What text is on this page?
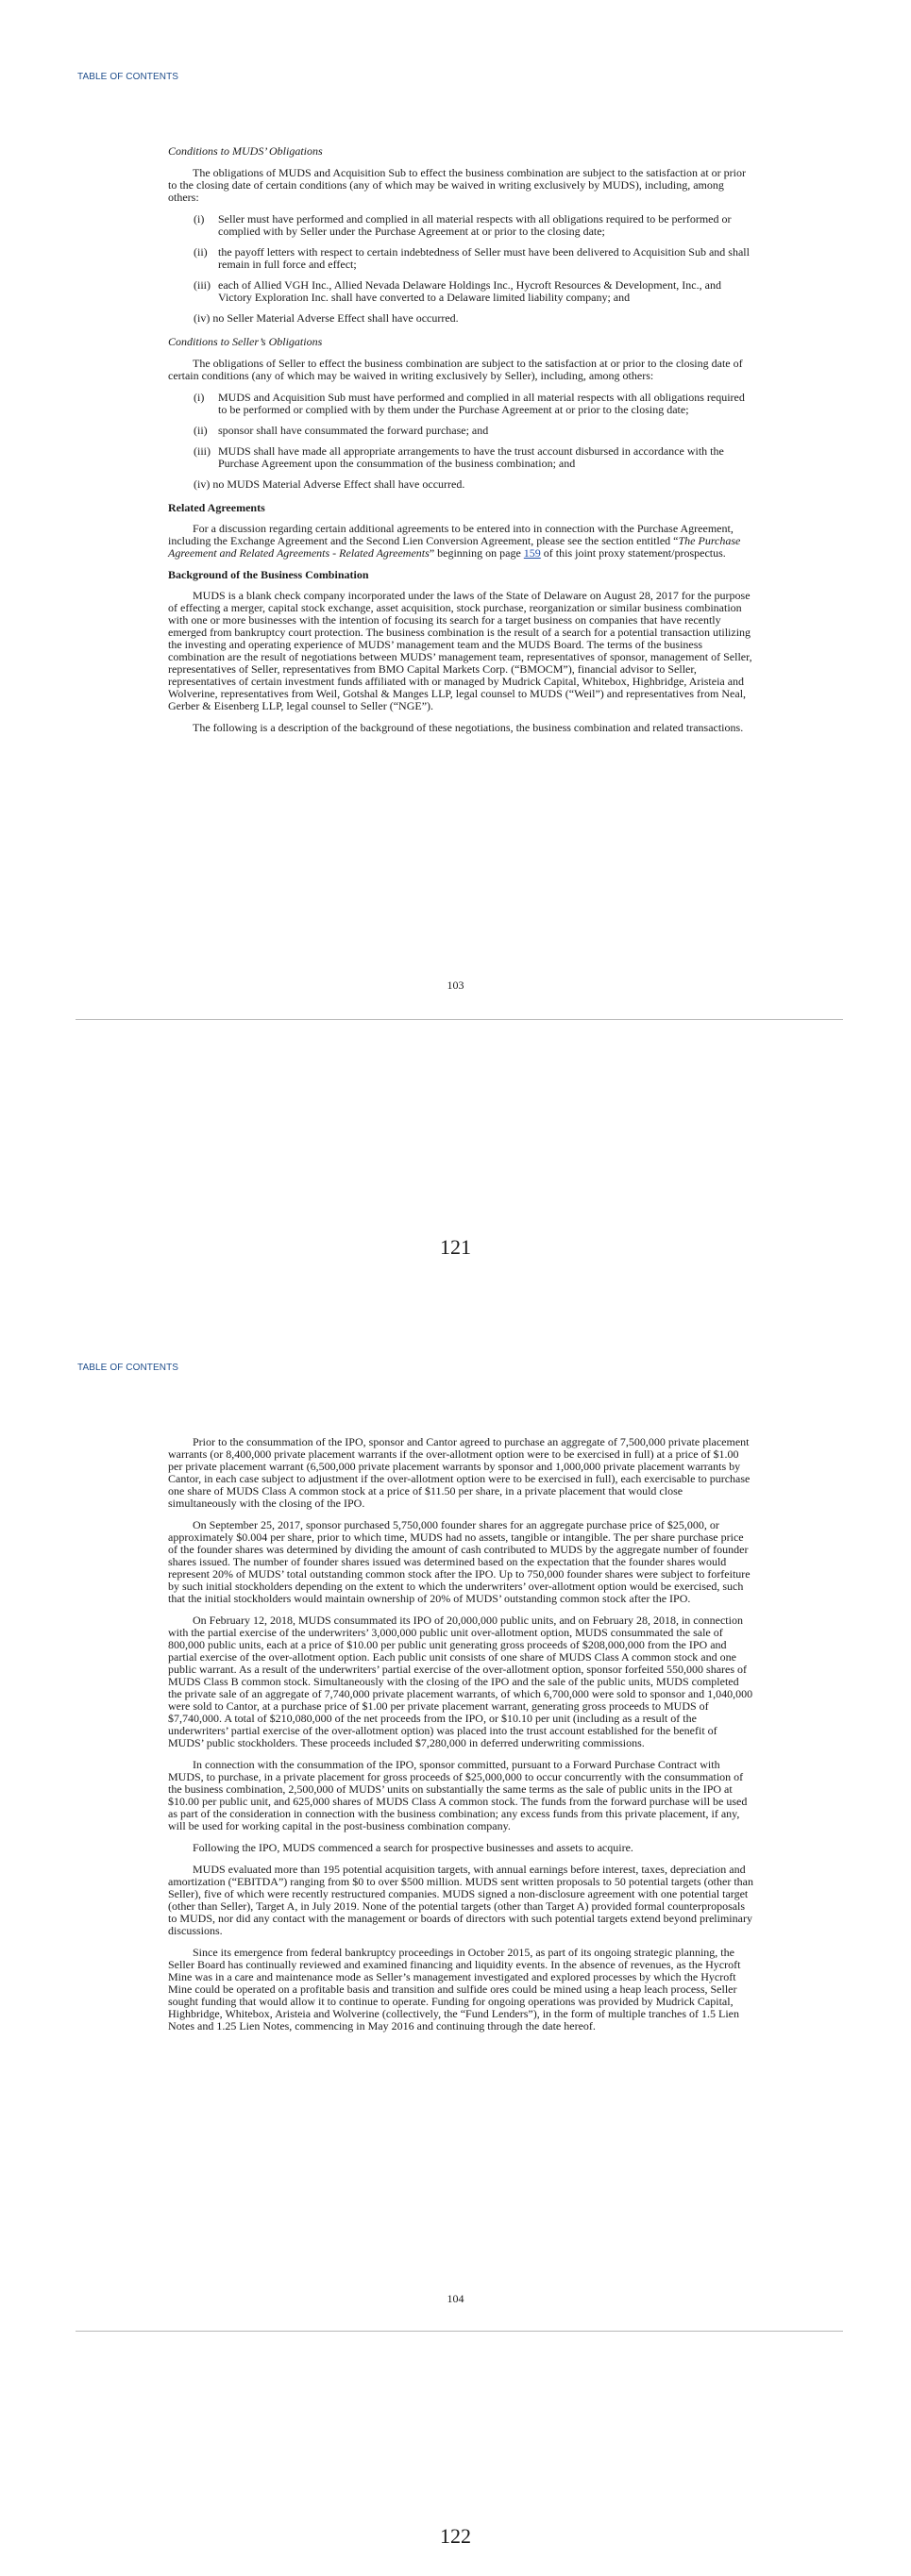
TABLE OF CONTENTS
Conditions to MUDS’ Obligations

The obligations of MUDS and Acquisition Sub to effect the business combination are subject to the satisfaction at or prior to the closing date of certain conditions (any of which may be waived in writing exclusively by MUDS), including, among others:

(i) Seller must have performed and complied in all material respects with all obligations required to be performed or complied with by Seller under the Purchase Agreement at or prior to the closing date;
(ii) the payoff letters with respect to certain indebtedness of Seller must have been delivered to Acquisition Sub and shall remain in full force and effect;
(iii) each of Allied VGH Inc., Allied Nevada Delaware Holdings Inc., Hycroft Resources & Development, Inc., and Victory Exploration Inc. shall have converted to a Delaware limited liability company; and
(iv) no Seller Material Adverse Effect shall have occurred.
Conditions to Seller’s Obligations

The obligations of Seller to effect the business combination are subject to the satisfaction at or prior to the closing date of certain conditions (any of which may be waived in writing exclusively by Seller), including, among others:

(i) MUDS and Acquisition Sub must have performed and complied in all material respects with all obligations required to be performed or complied with by them under the Purchase Agreement at or prior to the closing date;
(ii) sponsor shall have consummated the forward purchase; and
(iii) MUDS shall have made all appropriate arrangements to have the trust account disbursed in accordance with the Purchase Agreement upon the consummation of the business combination; and
(iv) no MUDS Material Adverse Effect shall have occurred.
Related Agreements

For a discussion regarding certain additional agreements to be entered into in connection with the Purchase Agreement, including the Exchange Agreement and the Second Lien Conversion Agreement, please see the section entitled “The Purchase Agreement and Related Agreements - Related Agreements” beginning on page 159 of this joint proxy statement/prospectus.

Background of the Business Combination

MUDS is a blank check company incorporated under the laws of the State of Delaware on August 28, 2017 for the purpose of effecting a merger, capital stock exchange, asset acquisition, stock purchase, reorganization or similar business combination with one or more businesses with the intention of focusing its search for a target business on companies that have recently emerged from bankruptcy court protection. The business combination is the result of a search for a potential transaction utilizing the investing and operating experience of MUDS’ management team and the MUDS Board. The terms of the business combination are the result of negotiations between MUDS’ management team, representatives of sponsor, management of Seller, representatives of Seller, representatives from BMO Capital Markets Corp. (“BMOCM”), financial advisor to Seller, representatives of certain investment funds affiliated with or managed by Mudrick Capital, Whitebox, Highbridge, Aristeia and Wolverine, representatives from Weil, Gotshal & Manges LLP, legal counsel to MUDS (“Weil”) and representatives from Neal, Gerber & Eisenberg LLP, legal counsel to Seller (“NGE”).

The following is a description of the background of these negotiations, the business combination and related transactions.

103
121
TABLE OF CONTENTS

Prior to the consummation of the IPO, sponsor and Cantor agreed to purchase an aggregate of 7,500,000 private placement warrants (or 8,400,000 private placement warrants if the over-allotment option were to be exercised in full) at a price of $1.00 per private placement warrant (6,500,000 private placement warrants by sponsor and 1,000,000 private placement warrants by Cantor, in each case subject to adjustment if the over-allotment option were to be exercised in full), each exercisable to purchase one share of MUDS Class A common stock at a price of $11.50 per share, in a private placement that would close simultaneously with the closing of the IPO.

On September 25, 2017, sponsor purchased 5,750,000 founder shares for an aggregate purchase price of $25,000, or approximately $0.004 per share, prior to which time, MUDS had no assets, tangible or intangible. The per share purchase price of the founder shares was determined by dividing the amount of cash contributed to MUDS by the aggregate number of founder shares issued. The number of founder shares issued was determined based on the expectation that the founder shares would represent 20% of MUDS’ total outstanding common stock after the IPO. Up to 750,000 founder shares were subject to forfeiture by such initial stockholders depending on the extent to which the underwriters’ over-allotment option would be exercised, such that the initial stockholders would maintain ownership of 20% of MUDS’ outstanding common stock after the IPO.

On February 12, 2018, MUDS consummated its IPO of 20,000,000 public units, and on February 28, 2018, in connection with the partial exercise of the underwriters’ 3,000,000 public unit over-allotment option, MUDS consummated the sale of 800,000 public units, each at a price of $10.00 per public unit generating gross proceeds of $208,000,000 from the IPO and partial exercise of the over-allotment option. Each public unit consists of one share of MUDS Class A common stock and one public warrant. As a result of the underwriters’ partial exercise of the over-allotment option, sponsor forfeited 550,000 shares of MUDS Class B common stock. Simultaneously with the closing of the IPO and the sale of the public units, MUDS completed the private sale of an aggregate of 7,740,000 private placement warrants, of which 6,700,000 were sold to sponsor and 1,040,000 were sold to Cantor, at a purchase price of $1.00 per private placement warrant, generating gross proceeds to MUDS of $7,740,000. A total of $210,080,000 of the net proceeds from the IPO, or $10.10 per unit (including as a result of the underwriters’ partial exercise of the over-allotment option) was placed into the trust account established for the benefit of MUDS’ public stockholders. These proceeds included $7,280,000 in deferred underwriting commissions.

In connection with the consummation of the IPO, sponsor committed, pursuant to a Forward Purchase Contract with MUDS, to purchase, in a private placement for gross proceeds of $25,000,000 to occur concurrently with the consummation of the business combination, 2,500,000 of MUDS’ units on substantially the same terms as the sale of public units in the IPO at $10.00 per public unit, and 625,000 shares of MUDS Class A common stock. The funds from the forward purchase will be used as part of the consideration in connection with the business combination; any excess funds from this private placement, if any, will be used for working capital in the post-business combination company.

Following the IPO, MUDS commenced a search for prospective businesses and assets to acquire.

MUDS evaluated more than 195 potential acquisition targets, with annual earnings before interest, taxes, depreciation and amortization (“EBITDA”) ranging from $0 to over $500 million. MUDS sent written proposals to 50 potential targets (other than Seller), five of which were recently restructured companies. MUDS signed a non-disclosure agreement with one potential target (other than Seller), Target A, in July 2019. None of the potential targets (other than Target A) provided formal counterproposals to MUDS, nor did any contact with the management or boards of directors with such potential targets extend beyond preliminary discussions.

Since its emergence from federal bankruptcy proceedings in October 2015, as part of its ongoing strategic planning, the Seller Board has continually reviewed and examined financing and liquidity events. In the absence of revenues, as the Hycroft Mine was in a care and maintenance mode as Seller’s management investigated and explored processes by which the Hycroft Mine could be operated on a profitable basis and transition and sulfide ores could be mined using a heap leach process, Seller sought funding that would allow it to continue to operate. Funding for ongoing operations was provided by Mudrick Capital, Highbridge, Whitebox, Aristeia and Wolverine (collectively, the “Fund Lenders”), in the form of multiple tranches of 1.5 Lien Notes and 1.25 Lien Notes, commencing in May 2016 and continuing through the date hereof.

104
122
